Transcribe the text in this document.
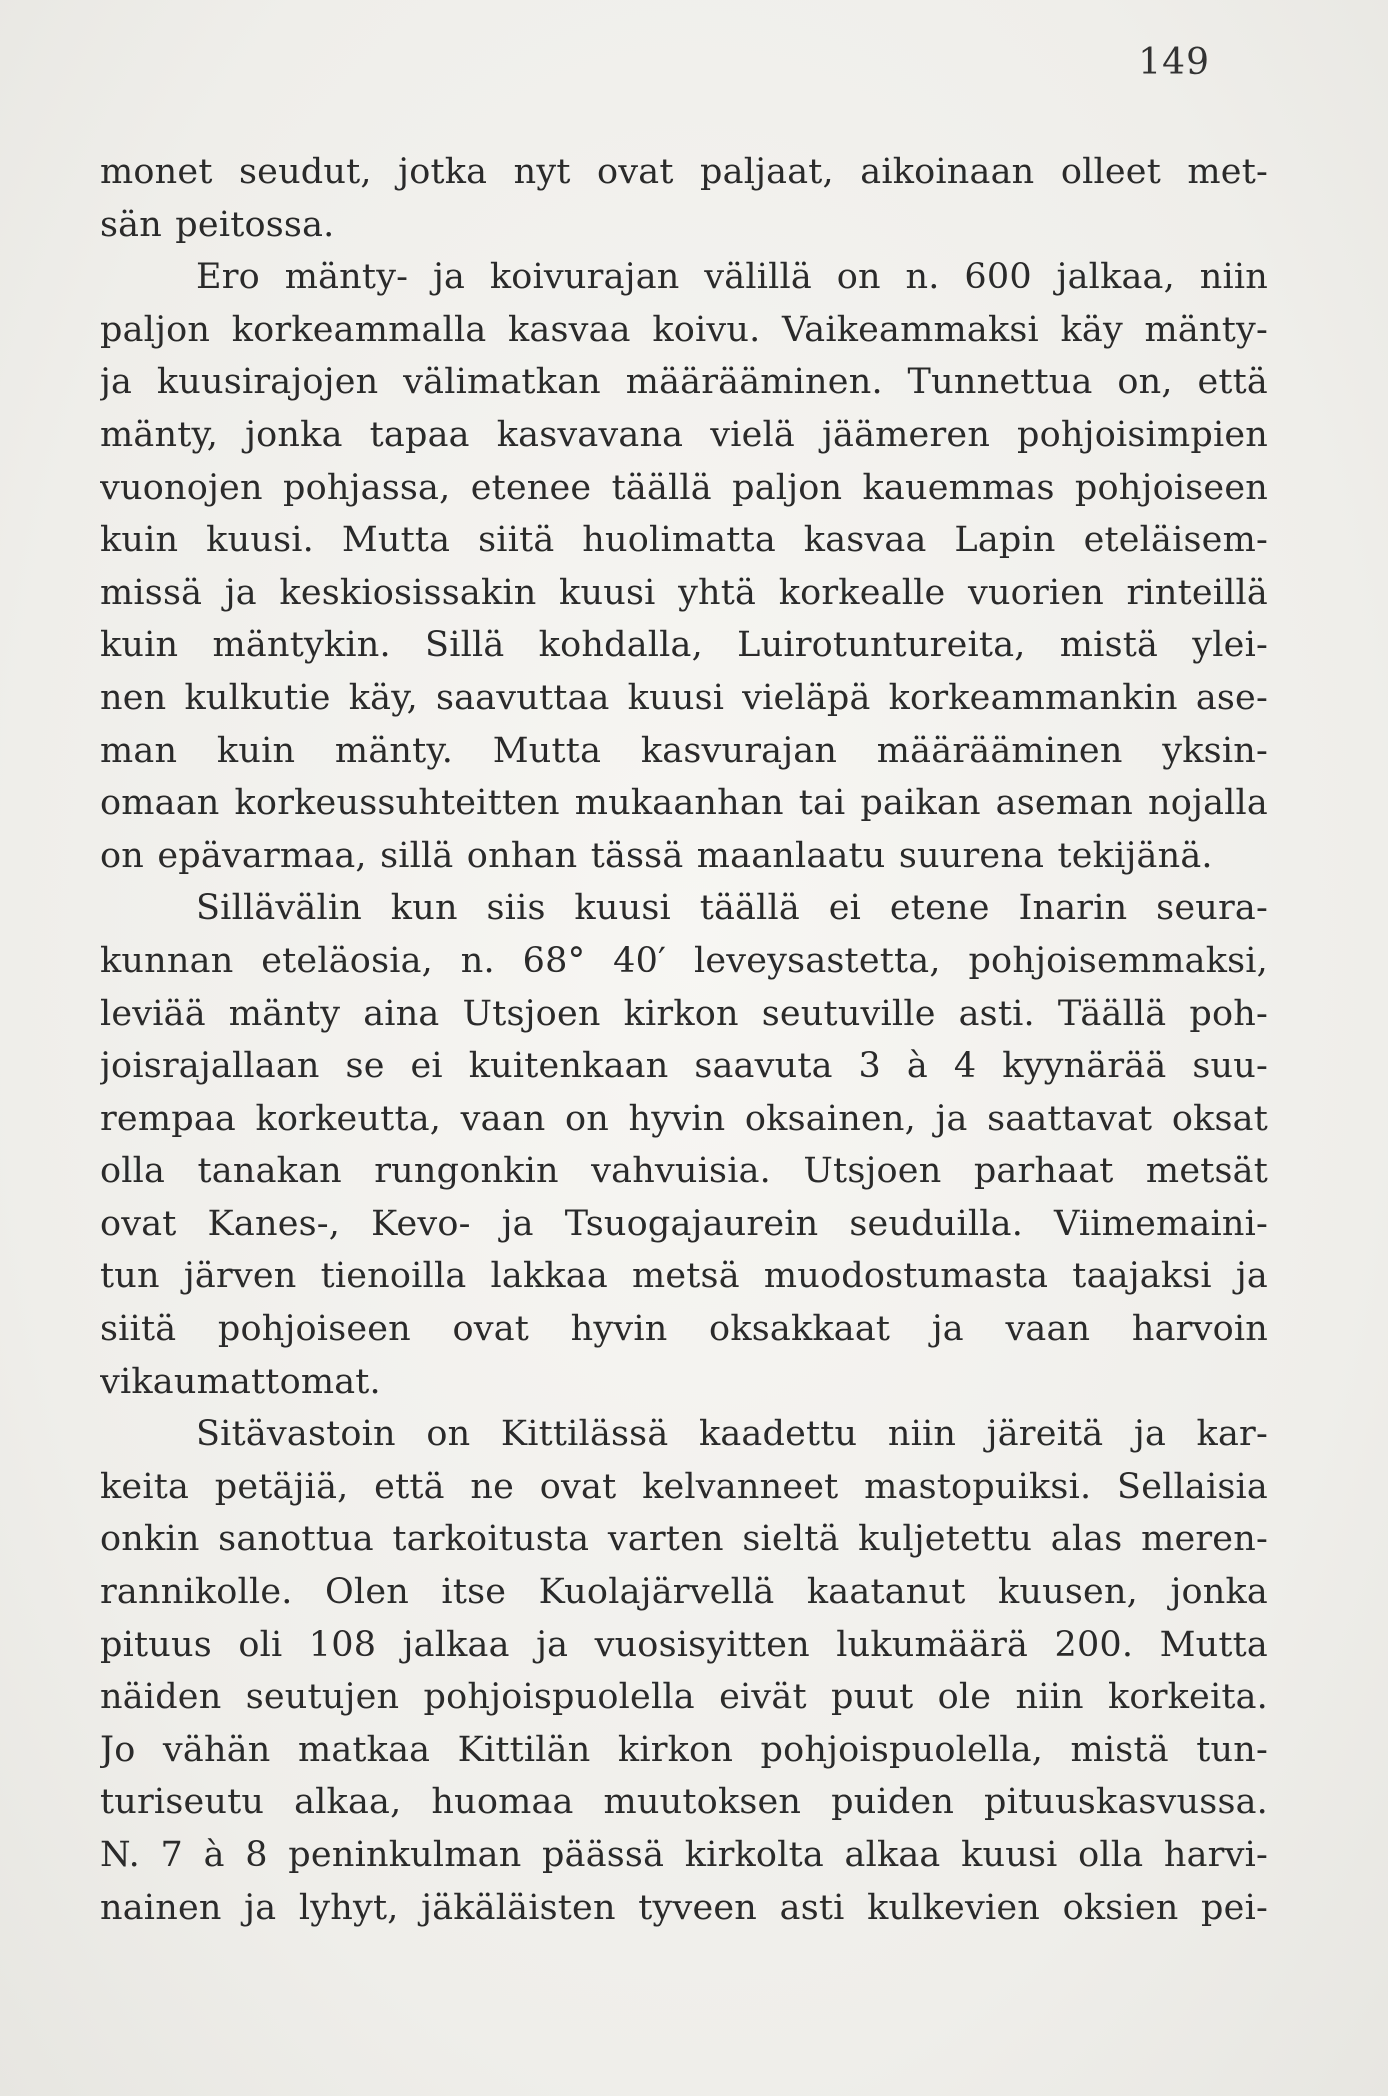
149
monet seudut, jotka nyt ovat paljaat, aikoinaan olleet met-
sän peitossa.
Ero mänty- ja koivurajan välillä on n. 600 jalkaa, niin
paljon korkeammalla kasvaa koivu. Vaikeammaksi käy mänty-
ja kuusirajojen välimatkan määrääminen. Tunnettua on, että
mänty, jonka tapaa kasvavana vielä jäämeren pohjoisimpien
vuonojen pohjassa, etenee täällä paljon kauemmas pohjoiseen
kuin kuusi. Mutta siitä huolimatta kasvaa Lapin eteläisem-
missä ja keskiosissakin kuusi yhtä korkealle vuorien rinteillä
kuin mäntykin. Sillä kohdalla, Luirotuntureita, mistä ylei-
nen kulkutie käy, saavuttaa kuusi vieläpä korkeammankin ase-
man kuin mänty. Mutta kasvurajan määrääminen yksin-
omaan korkeussuhteitten mukaanhan tai paikan aseman nojalla
on epävarmaa, sillä onhan tässä maanlaatu suurena tekijänä.
Sillävälin kun siis kuusi täällä ei etene Inarin seura-
kunnan eteläosia, n. 68° 40′ leveysastetta, pohjoisemmaksi,
leviää mänty aina Utsjoen kirkon seutuville asti. Täällä poh-
joisrajallaan se ei kuitenkaan saavuta 3 à 4 kyynärää suu-
rempaa korkeutta, vaan on hyvin oksainen, ja saattavat oksat
olla tanakan rungonkin vahvuisia. Utsjoen parhaat metsät
ovat Kanes-, Kevo- ja Tsuogajaurein seuduilla. Viimemaini-
tun järven tienoilla lakkaa metsä muodostumasta taajaksi ja
siitä pohjoiseen ovat hyvin oksakkaat ja vaan harvoin
vikaumattomat.
Sitävastoin on Kittilässä kaadettu niin järeitä ja kar-
keita petäjiä, että ne ovat kelvanneet mastopuiksi. Sellaisia
onkin sanottua tarkoitusta varten sieltä kuljetettu alas meren-
rannikolle. Olen itse Kuolajärvellä kaatanut kuusen, jonka
pituus oli 108 jalkaa ja vuosisyitten lukumäärä 200. Mutta
näiden seutujen pohjoispuolella eivät puut ole niin korkeita.
Jo vähän matkaa Kittilän kirkon pohjoispuolella, mistä tun-
turiseutu alkaa, huomaa muutoksen puiden pituuskasvussa.
N. 7 à 8 peninkulman päässä kirkolta alkaa kuusi olla harvi-
nainen ja lyhyt, jäkäläisten tyveen asti kulkevien oksien pei-
